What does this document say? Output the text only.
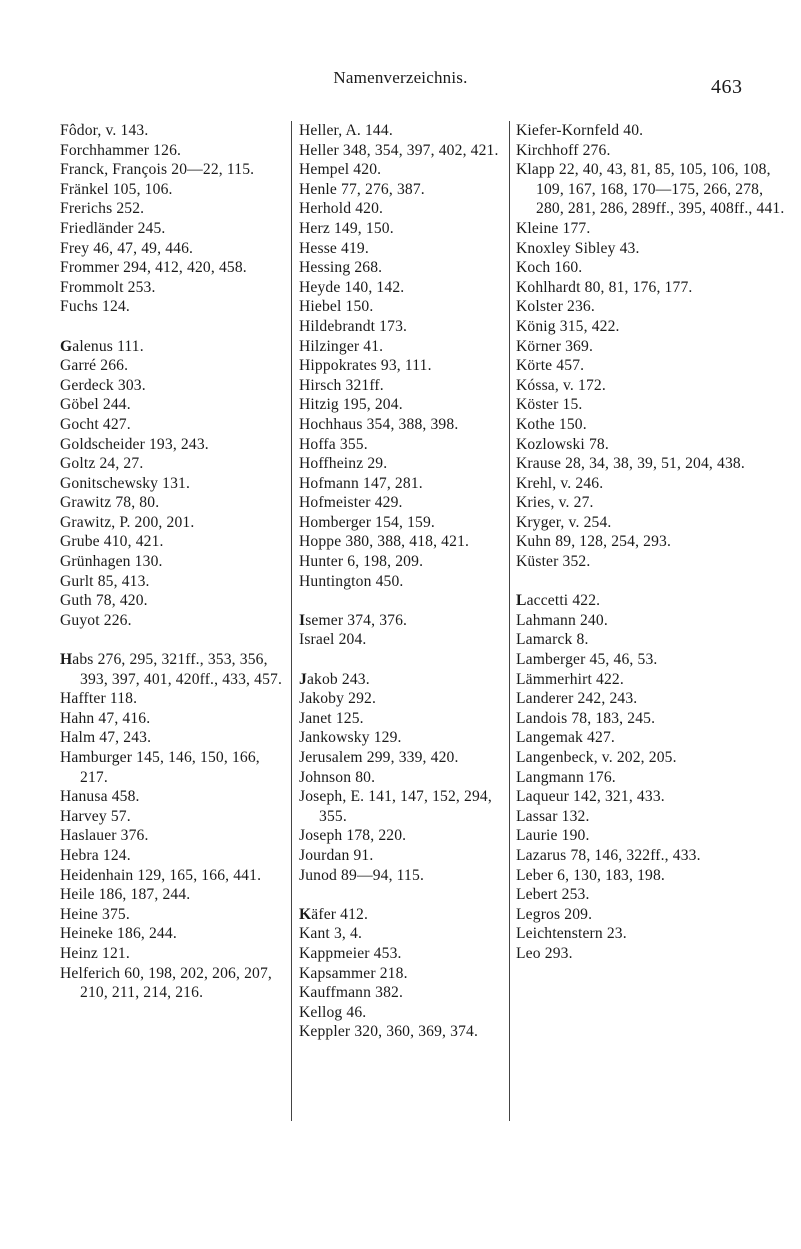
Namenverzeichnis.	463
Fôdor, v. 143.
Forchhammer 126.
Franck, François 20—22, 115.
Fränkel 105, 106.
Frerichs 252.
Friedländer 245.
Frey 46, 47, 49, 446.
Frommer 294, 412, 420, 458.
Frommolt 253.
Fuchs 124.
Galenus 111.
Garré 266.
Gerdeck 303.
Göbel 244.
Gocht 427.
Goldscheider 193, 243.
Goltz 24, 27.
Gonitschewsky 131.
Grawitz 78, 80.
Grawitz, P. 200, 201.
Grube 410, 421.
Grünhagen 130.
Gurlt 85, 413.
Guth 78, 420.
Guyot 226.
Habs 276, 295, 321ff., 353, 356, 393, 397, 401, 420ff., 433, 457.
Haffter 118.
Hahn 47, 416.
Halm 47, 243.
Hamburger 145, 146, 150, 166, 217.
Hanusa 458.
Harvey 57.
Haslauer 376.
Hebra 124.
Heidenhain 129, 165, 166, 441.
Heile 186, 187, 244.
Heine 375.
Heineke 186, 244.
Heinz 121.
Helferich 60, 198, 202, 206, 207, 210, 211, 214, 216.
Heller, A. 144.
Heller 348, 354, 397, 402, 421.
Hempel 420.
Henle 77, 276, 387.
Herhold 420.
Herz 149, 150.
Hesse 419.
Hessing 268.
Heyde 140, 142.
Hiebel 150.
Hildebrandt 173.
Hilzinger 41.
Hippokrates 93, 111.
Hirsch 321ff.
Hitzig 195, 204.
Hochhaus 354, 388, 398.
Hoffa 355.
Hoffheinz 29.
Hofmann 147, 281.
Hofmeister 429.
Homberger 154, 159.
Hoppe 380, 388, 418, 421.
Hunter 6, 198, 209.
Huntington 450.
Isemer 374, 376.
Israel 204.
Jakob 243.
Jakoby 292.
Janet 125.
Jankowsky 129.
Jerusalem 299, 339, 420.
Johnson 80.
Joseph, E. 141, 147, 152, 294, 355.
Joseph 178, 220.
Jourdan 91.
Junod 89—94, 115.
Käfer 412.
Kant 3, 4.
Kappmeier 453.
Kapsammer 218.
Kauffmann 382.
Kellog 46.
Keppler 320, 360, 369, 374.
Kiefer-Kornfeld 40.
Kirchhoff 276.
Klapp 22, 40, 43, 81, 85, 105, 106, 108, 109, 167, 168, 170—175, 266, 278, 280, 281, 286, 289ff., 395, 408ff., 441.
Kleine 177.
Knoxley Sibley 43.
Koch 160.
Kohlhardt 80, 81, 176, 177.
Kolster 236.
König 315, 422.
Körner 369.
Körte 457.
Kóssa, v. 172.
Köster 15.
Kothe 150.
Kozlowski 78.
Krause 28, 34, 38, 39, 51, 204, 438.
Krehl, v. 246.
Kries, v. 27.
Kryger, v. 254.
Kuhn 89, 128, 254, 293.
Küster 352.
Laccetti 422.
Lahmann 240.
Lamarck 8.
Lamberger 45, 46, 53.
Lämmerhirt 422.
Landerer 242, 243.
Landois 78, 183, 245.
Langemak 427.
Langenbeck, v. 202, 205.
Langmann 176.
Laqueur 142, 321, 433.
Lassar 132.
Laurie 190.
Lazarus 78, 146, 322ff., 433.
Leber 6, 130, 183, 198.
Lebert 253.
Legros 209.
Leichtenstern 23.
Leo 293.
